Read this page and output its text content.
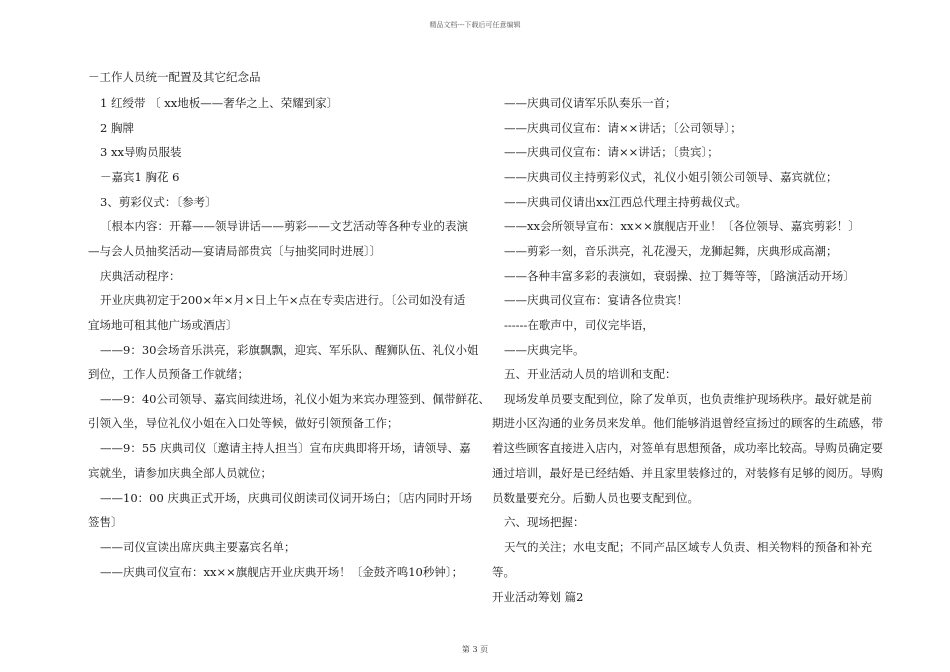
精品文档---下载后可任意编辑
－工作人员统一配置及其它纪念品
1 红绶带 〔 xx地板——奢华之上、荣耀到家〕
2 胸牌
3 xx导购员服装
－嘉宾1 胸花 6
3、剪彩仪式：〔参考〕
〔根本内容：开幕——领导讲话——剪彩——文艺活动等各种专业的表演
—与会人员抽奖活动—宴请局部贵宾〔与抽奖同时进展〕〕
庆典活动程序：
开业庆典初定于200×年×月×日上午×点在专卖店进行。〔公司如没有适
宜场地可租其他广场或酒店〕
——9：30会场音乐洪亮，彩旗飘飘，迎宾、军乐队、醒狮队伍、礼仪小姐
到位，工作人员预备工作就绪；
——9：40公司领导、嘉宾间续进场，礼仪小姐为来宾办理签到、佩带鲜花、
引领入坐，导位礼仪小姐在入口处等候，做好引领预备工作；
——9：55 庆典司仪〔邀请主持人担当〕宣布庆典即将开场，请领导、嘉
宾就坐，请参加庆典全部人员就位；
——10：00 庆典正式开场，庆典司仪朗读司仪词开场白；〔店内同时开场
签售〕
——司仪宣读出席庆典主要嘉宾名单；
——庆典司仪宣布：xx××旗舰店开业庆典开场！〔金鼓齐鸣10秒钟〕；
——庆典司仪请军乐队奏乐一首；
——庆典司仪宣布：请××讲话；〔公司领导〕；
——庆典司仪宣布：请××讲话；〔贵宾〕；
——庆典司仪主持剪彩仪式，礼仪小姐引领公司领导、嘉宾就位；
——庆典司仪请出xx江西总代理主持剪裁仪式。
——xx会所领导宣布：xx××旗舰店开业！〔各位领导、嘉宾剪彩！〕
——剪彩一刻，音乐洪亮，礼花漫天，龙狮起舞，庆典形成高潮；
——各种丰富多彩的表演如，衰弱操、拉丁舞等等，〔路演活动开场〕
——庆典司仪宣布：宴请各位贵宾！
------在歌声中，司仪完毕语，
——庆典完毕。
五、开业活动人员的培训和支配：
现场发单员要支配到位，除了发单页，也负责维护现场秩序。最好就是前
期进小区沟通的业务员来发单。他们能够消退曾经宣扬过的顾客的生疏感，带
着这些顾客直接进入店内，对签单有思想预备，成功率比较高。导购员确定要
通过培训，最好是已经结婚、并且家里装修过的，对装修有足够的阅历。导购
员数量要充分。后勤人员也要支配到位。
六、现场把握：
天气的关注；水电支配；不同产品区域专人负责、相关物料的预备和补充
等。
开业活动筹划 篇2
第 3 页
